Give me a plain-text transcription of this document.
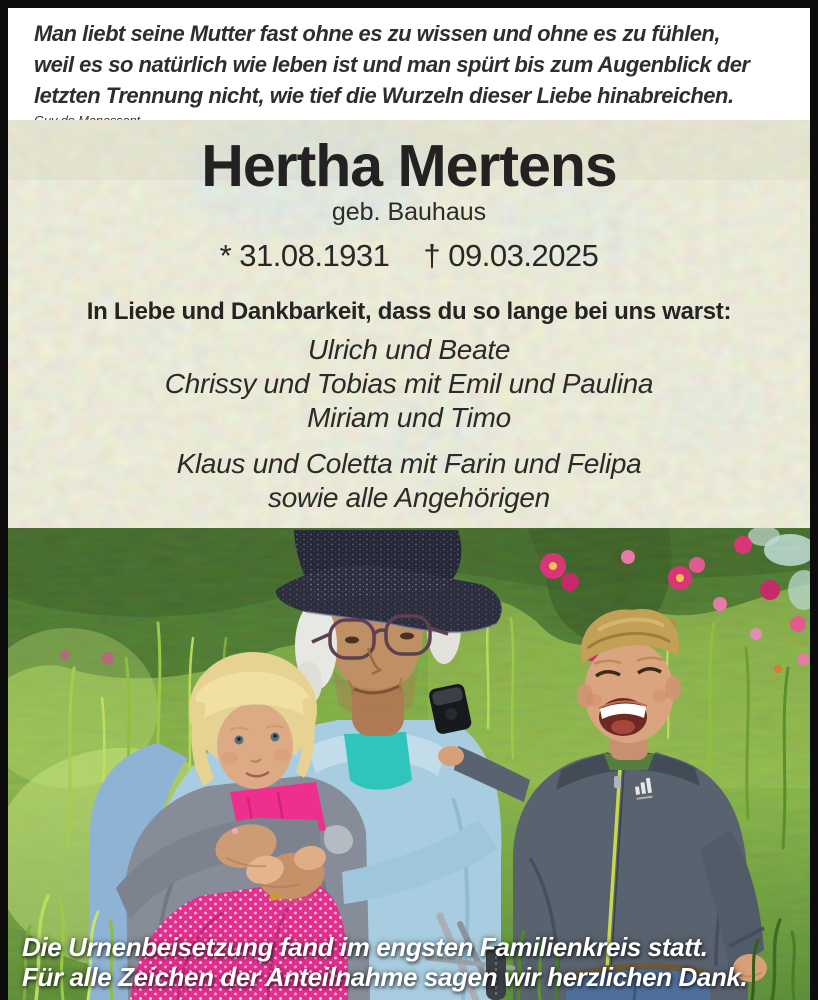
Man liebt seine Mutter fast ohne es zu wissen und ohne es zu fühlen,
weil es so natürlich wie leben ist und man spürt bis zum Augenblick der
letzten Trennung nicht, wie tief die Wurzeln dieser Liebe hinabreichen.
Hertha Mertens
geb. Bauhaus
* 31.08.1931 † 09.03.2025
In Liebe und Dankbarkeit, dass du so lange bei uns warst:
Ulrich und Beate
Chrissy und Tobias mit Emil und Paulina
Miriam und Timo
Klaus und Coletta mit Farin und Felipa
sowie alle Angehörigen
Die Urnenbeisetzung fand im engsten Familienkreis statt.
Für alle Zeichen der Anteilnahme sagen wir herzlichen Dank.
